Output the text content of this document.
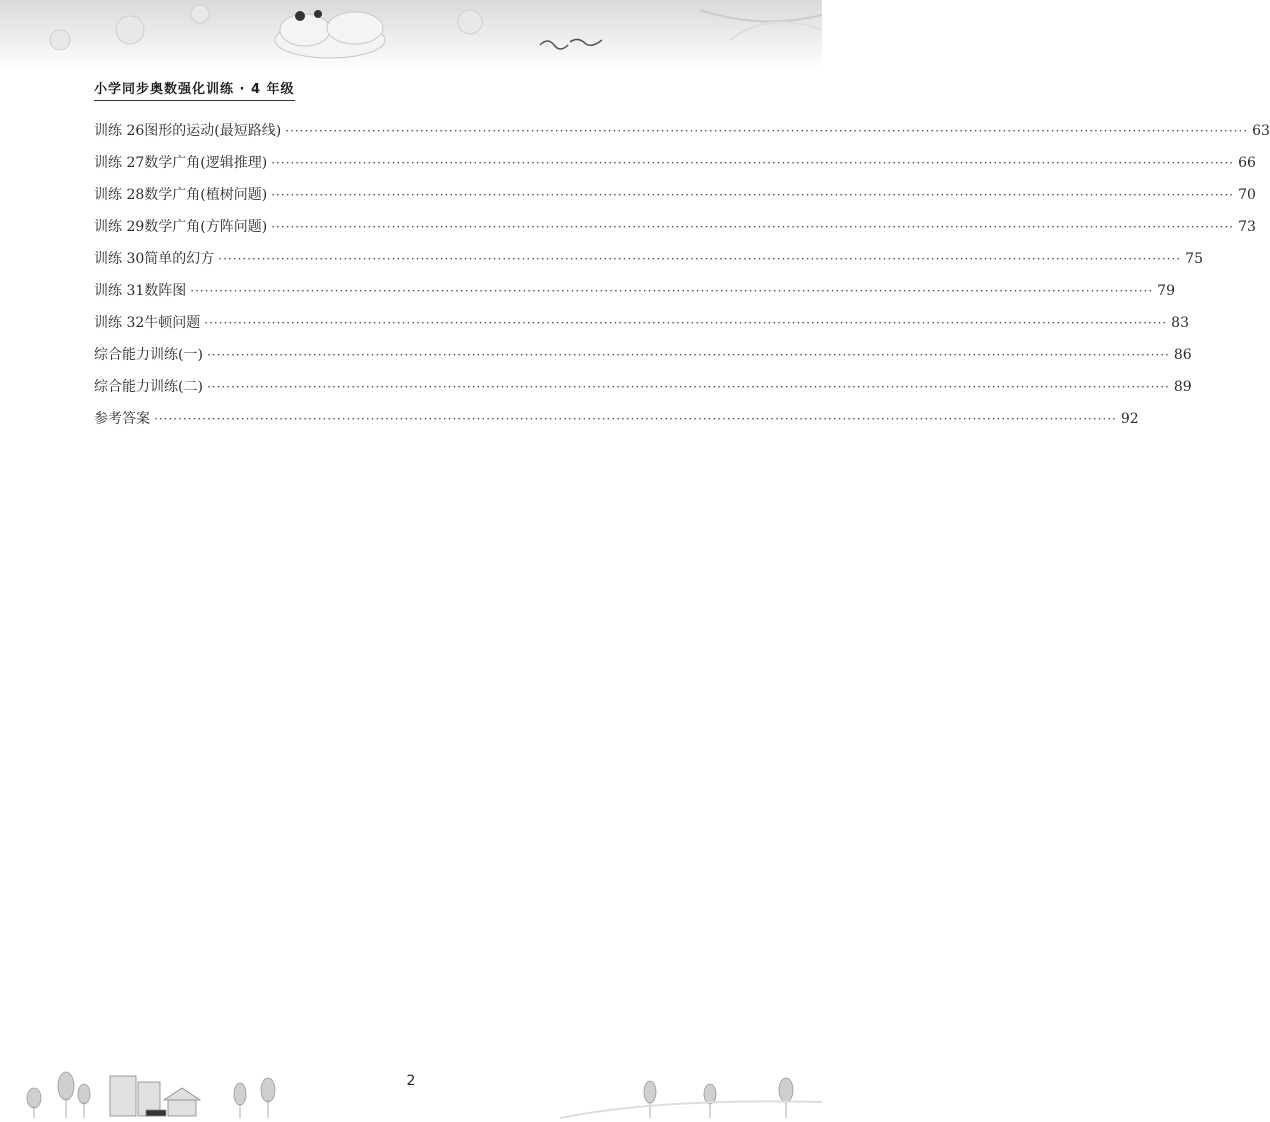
小学同步奥数强化训练 · 4 年级
训练 26 图形的运动(最短路线) ········································································································································································································ 63
训练 27 数学广角(逻辑推理) ········································································································································································································ 66
训练 28 数学广角(植树问题) ········································································································································································································ 70
训练 29 数学广角(方阵问题) ········································································································································································································ 73
训练 30 简单的幻方 ········································································································································································································ 75
训练 31 数阵图 ········································································································································································································ 79
训练 32 牛顿问题 ········································································································································································································ 83
综合能力训练(一) ········································································································································································································ 86
综合能力训练(二) ········································································································································································································ 89
参考答案 ········································································································································································································ 92
2
